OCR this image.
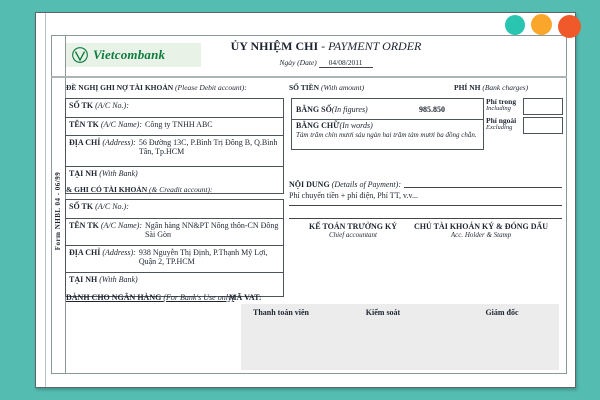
Form NHBL 04 - 06/99
Vietcombank
ỦY NHIỆM CHI - PAYMENT ORDER
Ngày (Date) 04/08/2011
ĐỀ NGHỊ GHI NỢ TÀI KHOẢN (Please Debit account):
SỐ TK (A/C No.):
TÊN TK (A/C Name): Công ty TNHH ABC
ĐỊA CHỈ (Address): 56 Đường 13C, P.Bình Trị Đông B, Q.Bình Tân, Tp.HCM
TẠI NH (With Bank)
& GHI CÓ TÀI KHOẢN (& Creadit account):
SỐ TK (A/C No.):
TÊN TK (A/C Name): Ngân hàng NN&PT Nông thôn-CN Đông Sài Gòn
ĐỊA CHỈ (Address): 938 Nguyễn Thị Định, P.Thạnh Mỹ Lợi, Quận 2, TP.HCM
TẠI NH (With Bank)
SỐ TIỀN (With amount)	PHÍ NH (Bank charges)
BẰNG SỐ(In figures)	985.850
BẰNG CHỮ(In words)
Tám trăm chín mươi sáu ngàn hai trăm tám mươi ba đồng chẵn.
Phí trong
Including
Phí ngoài
Excluding
NỘI DUNG (Details of Payment):
Phí chuyển tiền + phí điện, Phí TT, v.v...
KẾ TOÁN TRƯỞNG KÝ
Chief accountant
CHỦ TÀI KHOẢN KÝ & ĐÓNG DẤU
Acc. Holder & Stamp
DÀNH CHO NGÂN HÀNG (For Bank's Use only)
MÃ VAT:
Thanh toán viên	Kiểm soát	Giám đốc
